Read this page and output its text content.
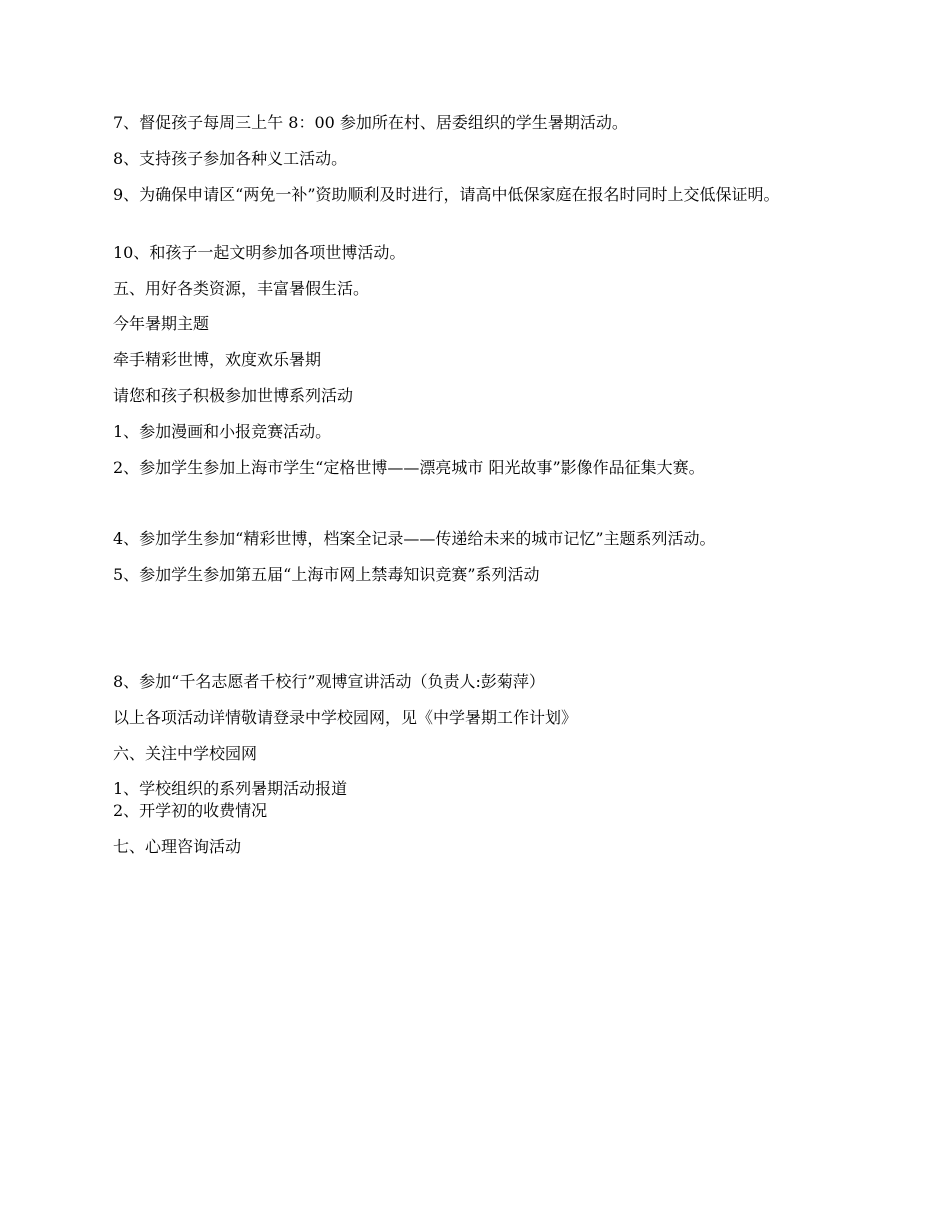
7、督促孩子每周三上午 8：00 参加所在村、居委组织的学生暑期活动。

8、支持孩子参加各种义工活动。

9、为确保申请区“两免一补”资助顺利及时进行，请高中低保家庭在报名时同时上交低保证明。

10、和孩子一起文明参加各项世博活动。

五、用好各类资源，丰富暑假生活。

今年暑期主题

牵手精彩世博，欢度欢乐暑期

请您和孩子积极参加世博系列活动

1、参加漫画和小报竞赛活动。

2、参加学生参加上海市学生“定格世博——漂亮城市 阳光故事”影像作品征集大赛。

4、参加学生参加“精彩世博，档案全记录——传递给未来的城市记忆”主题系列活动。

5、参加学生参加第五届“上海市网上禁毒知识竞赛”系列活动

8、参加“千名志愿者千校行”观博宣讲活动（负责人:彭菊萍）

以上各项活动详情敬请登录中学校园网，见《中学暑期工作计划》

六、关注中学校园网

1、学校组织的系列暑期活动报道

2、开学初的收费情况

七、心理咨询活动
